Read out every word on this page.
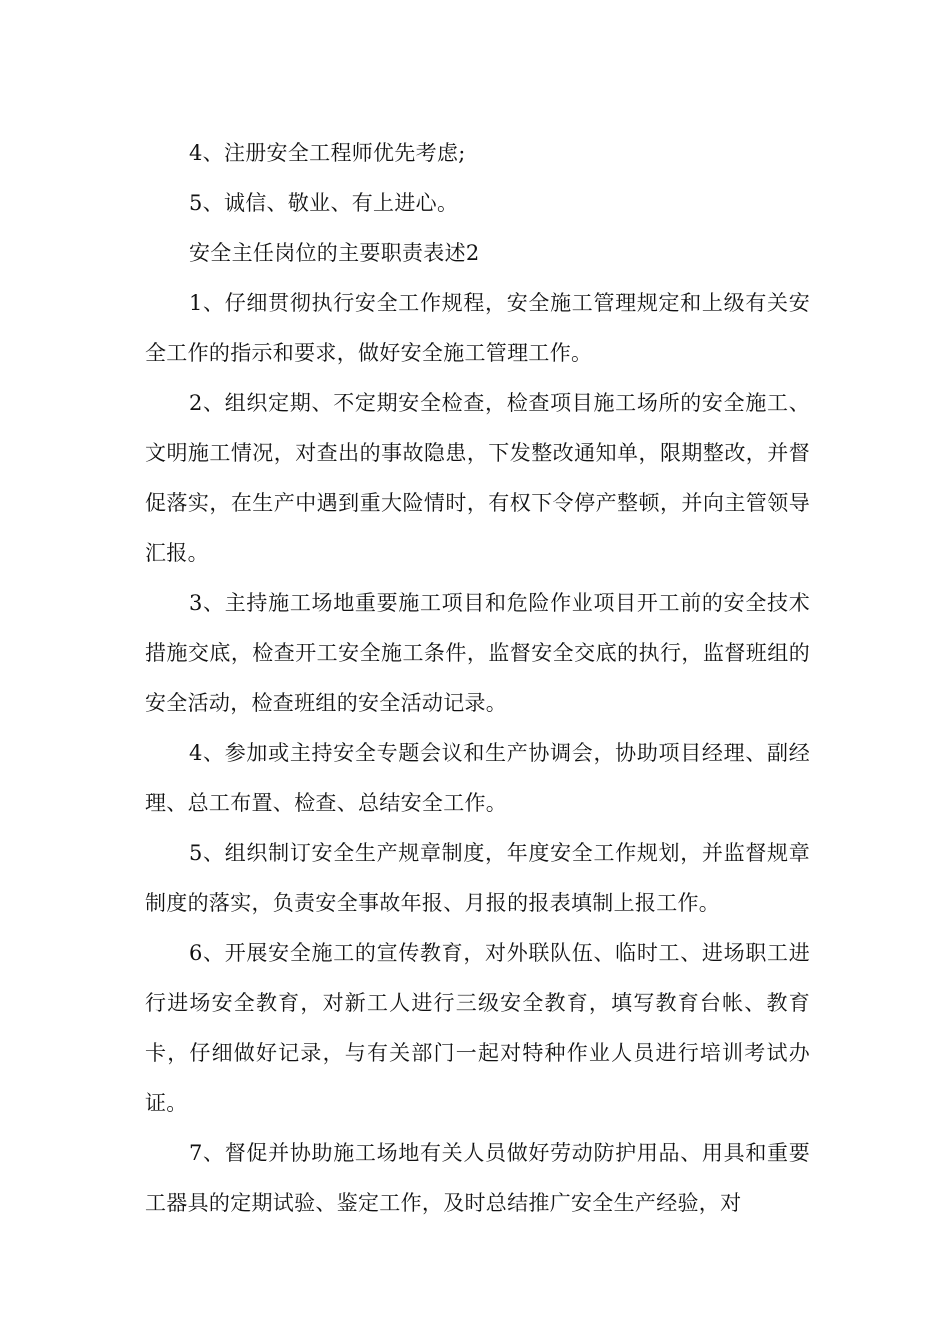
4、注册安全工程师优先考虑;

5、诚信、敬业、有上进心。

安全主任岗位的主要职责表述2

1、仔细贯彻执行安全工作规程，安全施工管理规定和上级有关安全工作的指示和要求，做好安全施工管理工作。

2、组织定期、不定期安全检查，检查项目施工场所的安全施工、文明施工情况，对查出的事故隐患，下发整改通知单，限期整改，并督促落实，在生产中遇到重大险情时，有权下令停产整顿，并向主管领导汇报。

3、主持施工场地重要施工项目和危险作业项目开工前的安全技术措施交底，检查开工安全施工条件，监督安全交底的执行，监督班组的安全活动，检查班组的安全活动记录。

4、参加或主持安全专题会议和生产协调会，协助项目经理、副经理、总工布置、检查、总结安全工作。

5、组织制订安全生产规章制度，年度安全工作规划，并监督规章制度的落实，负责安全事故年报、月报的报表填制上报工作。

6、开展安全施工的宣传教育，对外联队伍、临时工、进场职工进行进场安全教育，对新工人进行三级安全教育，填写教育台帐、教育卡，仔细做好记录，与有关部门一起对特种作业人员进行培训考试办证。

7、督促并协助施工场地有关人员做好劳动防护用品、用具和重要工器具的定期试验、鉴定工作，及时总结推广安全生产经验，对
